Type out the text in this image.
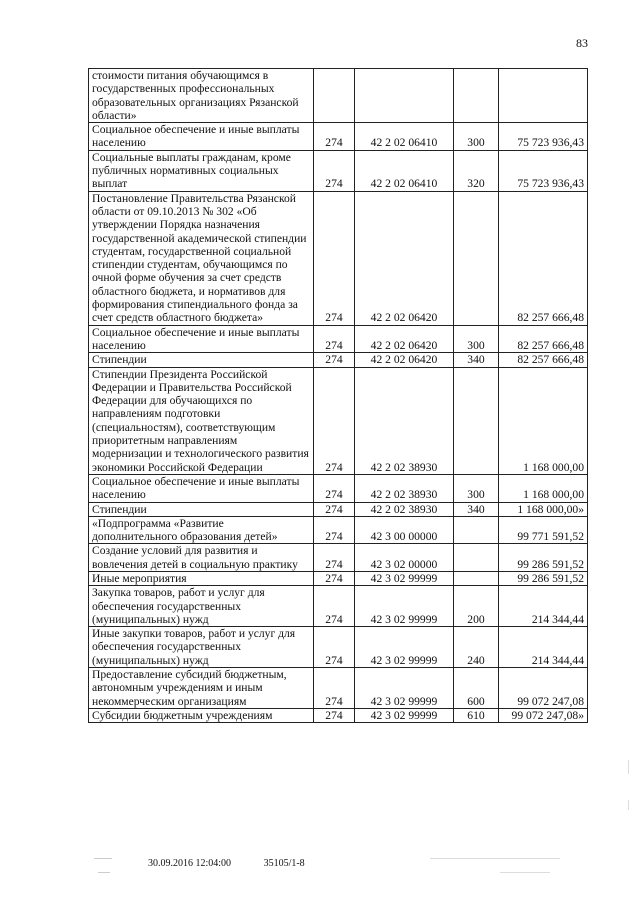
83
стоимости питания обучающимся в государственных профессиональных образовательных организациях Рязанской области»				
Социальное обеспечение и иные выплаты населению	274	42 2 02 06410	300	75 723 936,43
Социальные выплаты гражданам, кроме публичных нормативных социальных выплат	274	42 2 02 06410	320	75 723 936,43
Постановление Правительства Рязанской области от 09.10.2013 № 302 «Об утверждении Порядка назначения государственной академической стипендии студентам, государственной социальной стипендии студентам, обучающимся по очной форме обучения за счет средств областного бюджета, и нормативов для формирования стипендиального фонда за счет средств областного бюджета»	274	42 2 02 06420		82 257 666,48
Социальное обеспечение и иные выплаты населению	274	42 2 02 06420	300	82 257 666,48
Стипендии	274	42 2 02 06420	340	82 257 666,48
Стипендии Президента Российской Федерации и Правительства Российской Федерации для обучающихся по направлениям подготовки (специальностям), соответствующим приоритетным направлениям модернизации и технологического развития экономики Российской Федерации	274	42 2 02 38930		1 168 000,00
Социальное обеспечение и иные выплаты населению	274	42 2 02 38930	300	1 168 000,00
Стипендии	274	42 2 02 38930	340	1 168 000,00»
«Подпрограмма «Развитие дополнительного образования детей»	274	42 3 00 00000		99 771 591,52
Создание условий для развития и вовлечения детей в социальную практику	274	42 3 02 00000		99 286 591,52
Иные мероприятия	274	42 3 02 99999		99 286 591,52
Закупка товаров, работ и услуг для обеспечения государственных (муниципальных) нужд	274	42 3 02 99999	200	214 344,44
Иные закупки товаров, работ и услуг для обеспечения государственных (муниципальных) нужд	274	42 3 02 99999	240	214 344,44
Предоставление субсидий бюджетным, автономным учреждениям и иным некоммерческим организациям	274	42 3 02 99999	600	99 072 247,08
Субсидии бюджетным учреждениям	274	42 3 02 99999	610	99 072 247,08»
30.09.2016 12:04:00	35105/1-8
